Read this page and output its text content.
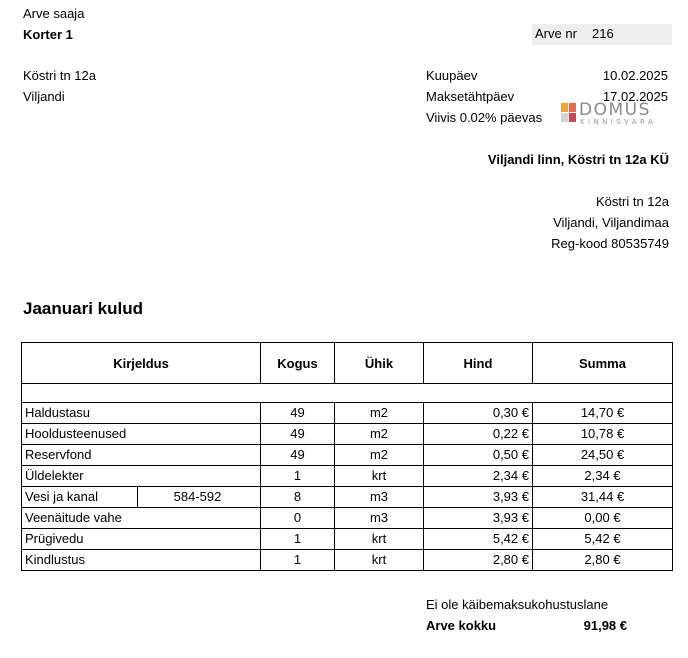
Arve saaja
Korter 1
Köstri tn 12a
Viljandi
Arve nr 216
Kuupäev	10.02.2025
Maksetähtpäev	17.02.2025
Viivis 0.02% päevas DOMUS
KINNISVARA
Viljandi linn, Köstri tn 12a KÜ
Köstri tn 12a
Viljandi, Viljandimaa
Reg-kood 80535749
Jaanuari kulud
Kirjeldus	Kogus	Ühik	Hind	Summa

Haldustasu	49	m2	0,30 €	14,70 €
Hooldusteenused	49	m2	0,22 €	10,78 €
Reservfond	49	m2	0,50 €	24,50 €
Üldelekter	1	krt	2,34 €	2,34 €

Vesi ja kanal 584-592	8	m3	3,93 €	31,44 €
Veenäitude vahe	0	m3	3,93 €	0,00 €
Prügivedu	1	krt	5,42 €	5,42 €
Kindlustus	1	krt	2,80 €	2,80 €
Ei ole käibemaksukohustuslane
Arve kokku	91,98 €
